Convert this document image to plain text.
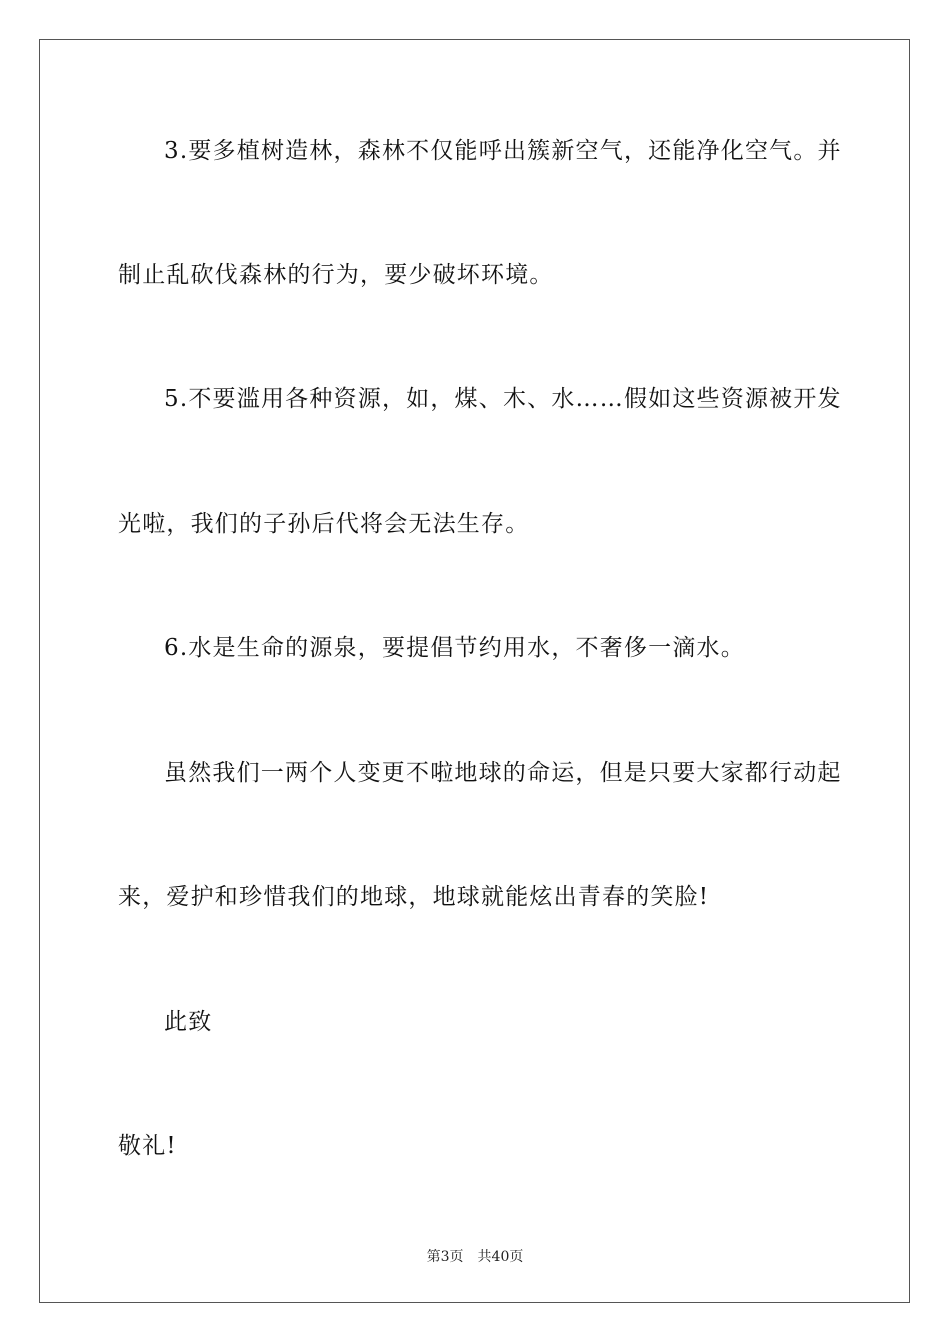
3.要多植树造林，森林不仅能呼出簇新空气，还能净化空气。并
制止乱砍伐森林的行为，要少破坏环境。
5.不要滥用各种资源，如，煤、木、水……假如这些资源被开发
光啦，我们的子孙后代将会无法生存。
6.水是生命的源泉，要提倡节约用水，不奢侈一滴水。
虽然我们一两个人变更不啦地球的命运，但是只要大家都行动起
来，爱护和珍惜我们的地球，地球就能炫出青春的笑脸!
此致
敬礼!
第3页 共40页
